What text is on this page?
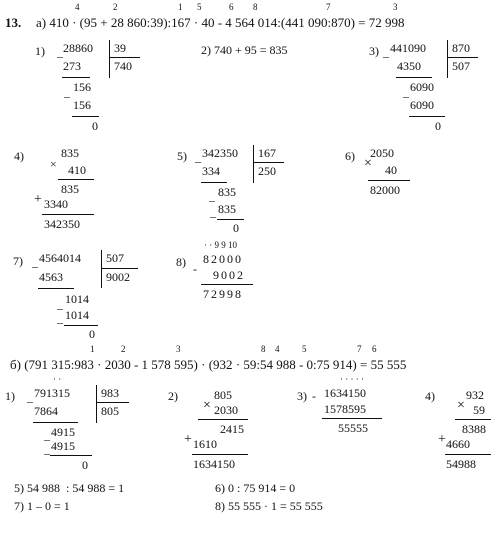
13. а) 410 · (95 + 28 860:39):167 · 40 - 4 564 014:(441 090:870) = 72 998
4	2	1 5	6 8	7	3
1) _ 28860 39
740
273
_ 156
156
0
2) 740 + 95 = 835	3) _ 441090 870
507
4350
_ 6090
6090
0
4)
×
835
410
835
+ 3340
342350
5) _ 342350 167
250
334
_ 835
_ 835
0
6) ×
2050
40
82000
7) _ 4564014 507
9002
4563
_ 1014
_ 1014
0
8)
· · 9 9 10
-
82000
9002
72998
б) (791 315:983 · 2030 - 1 578 595) · (932 · 59:54 988 - 0:75 914) = 55 555
1	2	3	8 4	5	7 6
· ·
1) _ 791315	983
805
7864
_ 4915
_ 4915
0
2)
×
805
2030
2415
+ 1610
1634150
3)
· · · · ·
- 1634150
1578595
55555
4)
×
932
59
8388
+ 4660
54988
5) 54 988  : 54 988 = 1	6) 0 : 75 914 = 0
7) 1 – 0 = 1	8) 55 555 · 1 = 55 555
